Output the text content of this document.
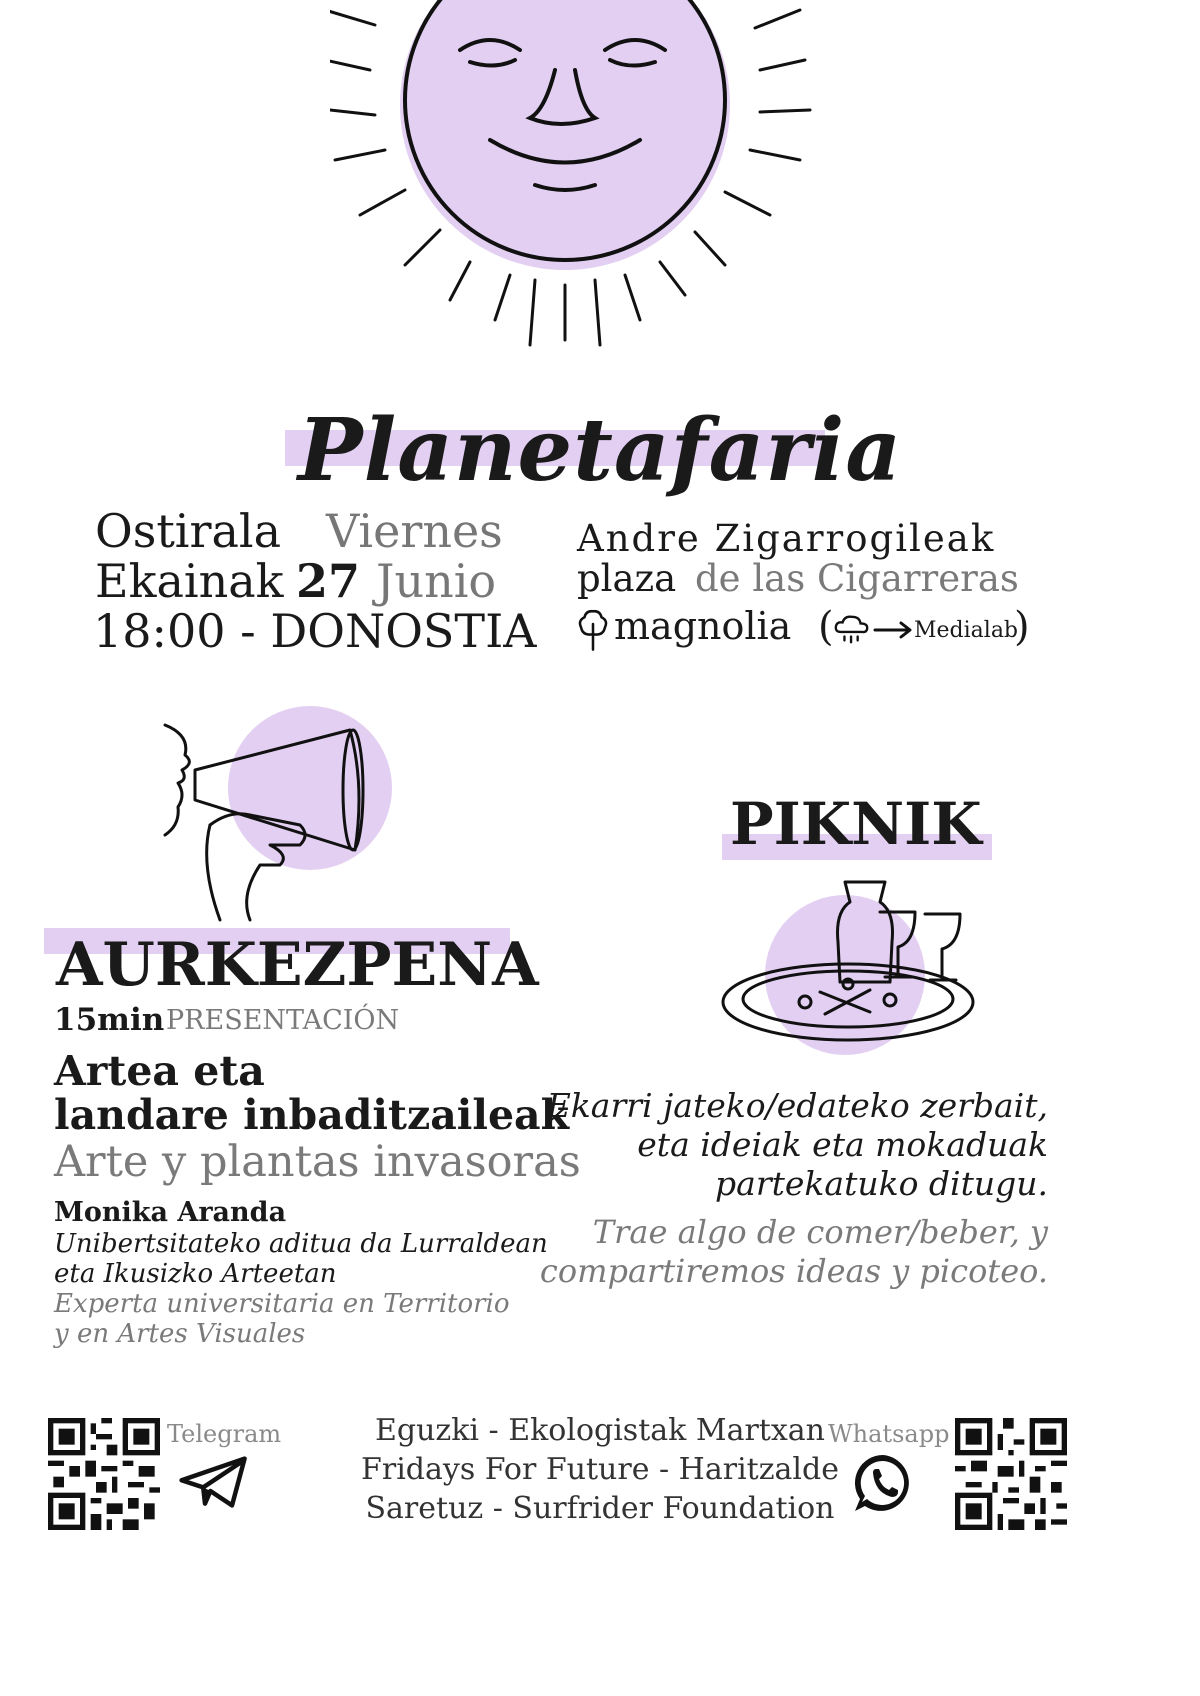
Planetafaria
Ostirala Viernes
Ekainak 27 Junio
18:00 - DONOSTIA
Andre Zigarrogileak
plaza de las Cigarreras
magnolia (	Medialab
)
AURKEZPENA
15min PRESENTACIÓN
Artea eta
landare inbaditzaileak
Arte y plantas invasoras
Monika Aranda
Unibertsitateko aditua da Lurraldean
eta Ikusizko Arteetan
Experta universitaria en Territorio
y en Artes Visuales
PIKNIK
Ekarri jateko/edateko zerbait,
eta ideiak eta mokaduak
partekatuko ditugu.
Trae algo de comer/beber, y
compartiremos ideas y picoteo.
Telegram	Eguzki - Ekologistak Martxan
Fridays For Future - Haritzalde
Saretuz - Surfrider Foundation
Whatsapp
